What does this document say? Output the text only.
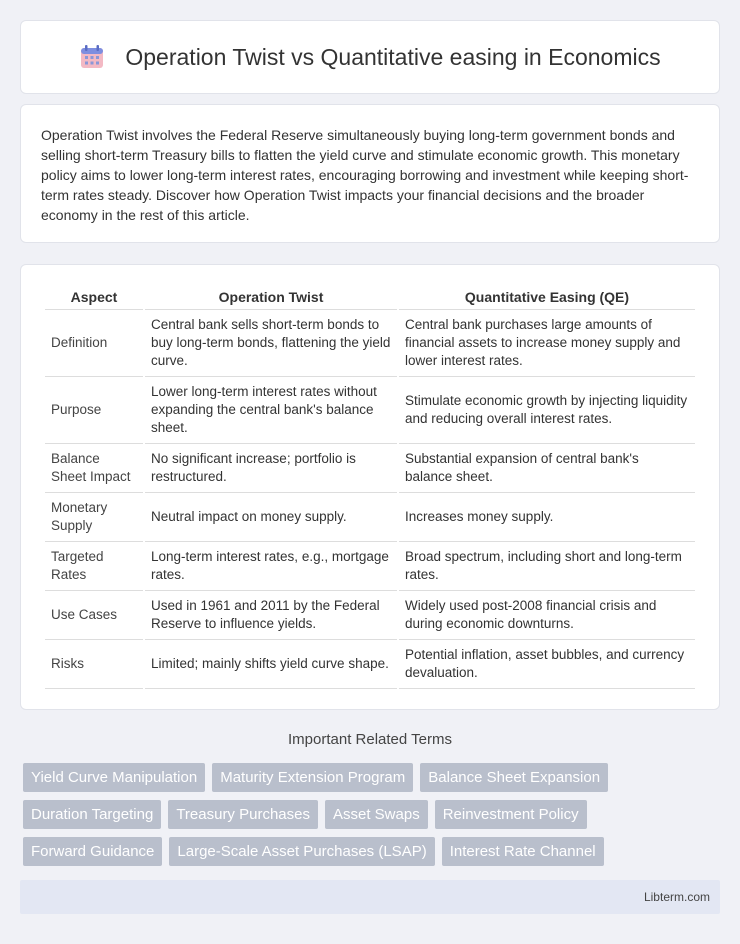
Operation Twist vs Quantitative easing in Economics

Operation Twist involves the Federal Reserve simultaneously buying long-term government bonds and selling short-term Treasury bills to flatten the yield curve and stimulate economic growth. This monetary policy aims to lower long-term interest rates, encouraging borrowing and investment while keeping short-term rates steady. Discover how Operation Twist impacts your financial decisions and the broader economy in the rest of this article.

Aspect	Operation Twist	Quantitative Easing (QE)
Definition	Central bank sells short-term bonds to buy long-term bonds, flattening the yield curve.	Central bank purchases large amounts of financial assets to increase money supply and lower interest rates.
Purpose	Lower long-term interest rates without expanding the central bank's balance sheet.	Stimulate economic growth by injecting liquidity and reducing overall interest rates.
Balance Sheet Impact	No significant increase; portfolio is restructured.	Substantial expansion of central bank's balance sheet.
Monetary Supply	Neutral impact on money supply.	Increases money supply.
Targeted Rates	Long-term interest rates, e.g., mortgage rates.	Broad spectrum, including short and long-term rates.
Use Cases	Used in 1961 and 2011 by the Federal Reserve to influence yields.	Widely used post-2008 financial crisis and during economic downturns.
Risks	Limited; mainly shifts yield curve shape.	Potential inflation, asset bubbles, and currency devaluation.
Important Related Terms
Yield Curve Manipulation	Maturity Extension Program	Balance Sheet Expansion
Duration Targeting	Treasury Purchases	Asset Swaps	Reinvestment Policy
Forward Guidance	Large-Scale Asset Purchases (LSAP)	Interest Rate Channel
Libterm.com
